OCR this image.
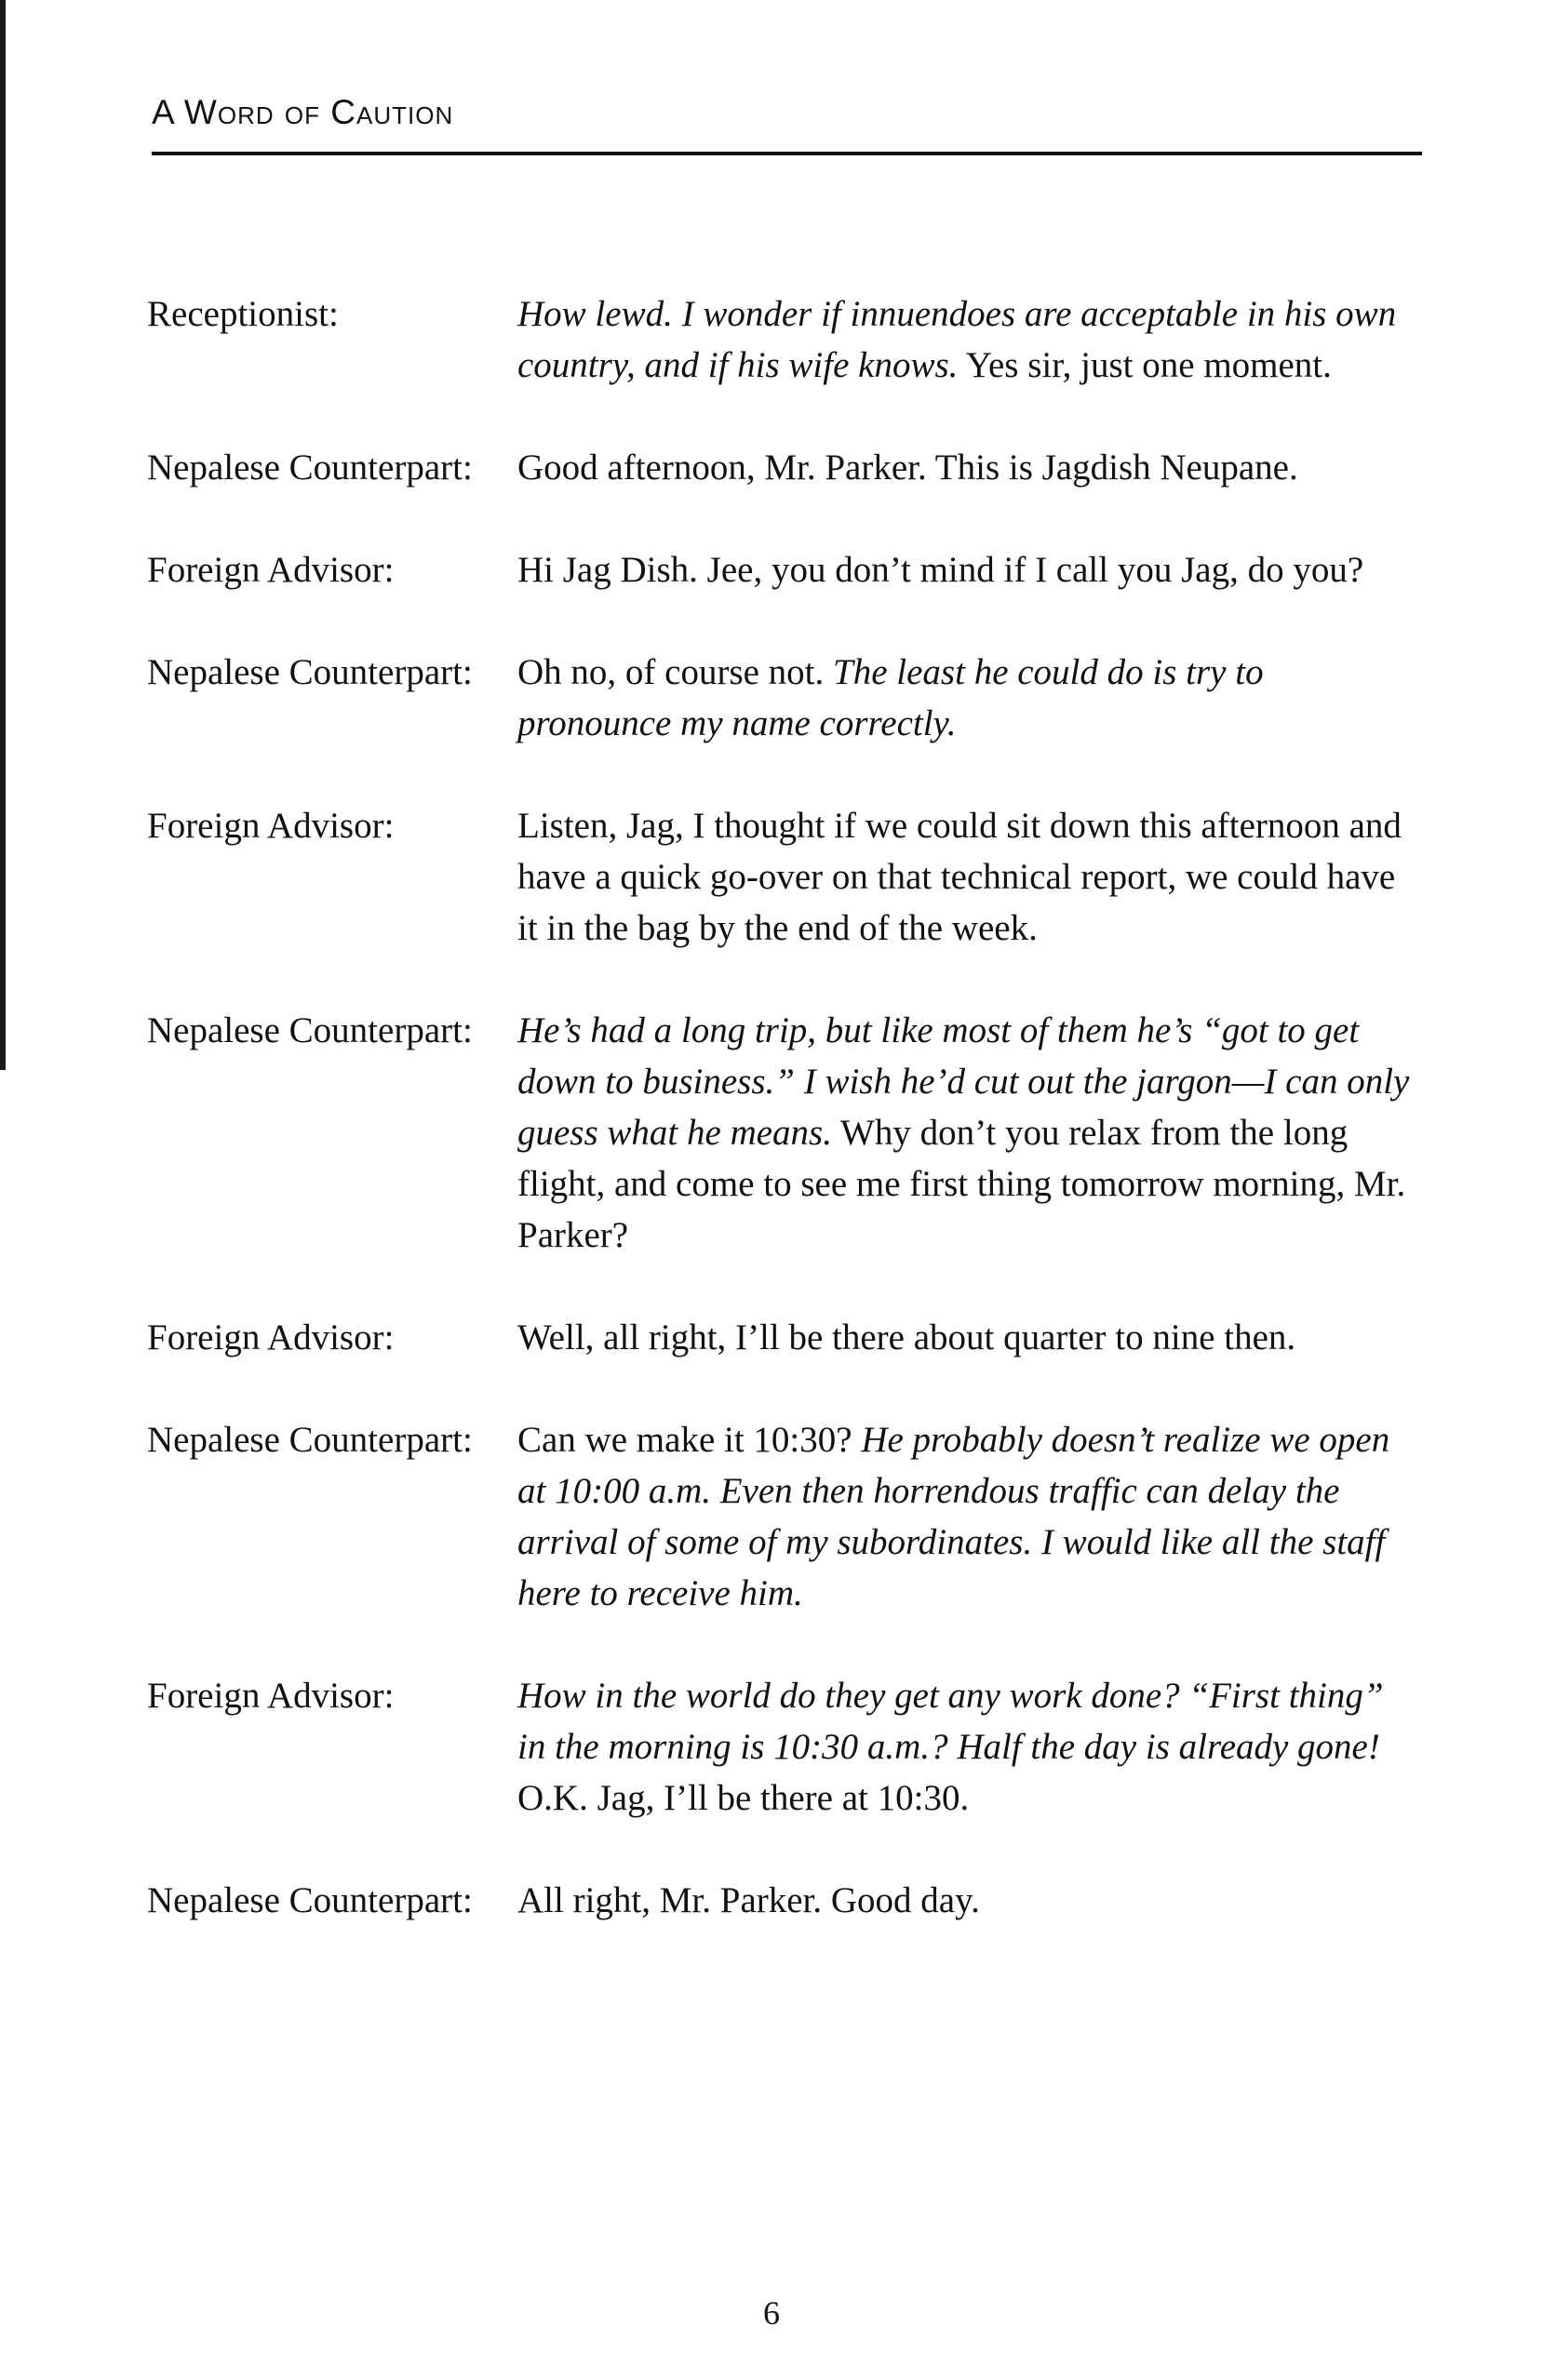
A Word of Caution
Receptionist:	How lewd. I wonder if innuendoes are acceptable in his own country, and if his wife knows. Yes sir, just one moment.
Nepalese Counterpart:	Good afternoon, Mr. Parker. This is Jagdish Neupane.
Foreign Advisor:	Hi Jag Dish. Jee, you don’t mind if I call you Jag, do you?
Nepalese Counterpart:	Oh no, of course not. The least he could do is try to pronounce my name correctly.
Foreign Advisor:	Listen, Jag, I thought if we could sit down this afternoon and have a quick go-over on that technical report, we could have it in the bag by the end of the week.
Nepalese Counterpart:	He’s had a long trip, but like most of them he’s “got to get down to business.” I wish he’d cut out the jargon—I can only guess what he means. Why don’t you relax from the long flight, and come to see me first thing tomorrow morning, Mr. Parker?
Foreign Advisor:	Well, all right, I’ll be there about quarter to nine then.
Nepalese Counterpart:	Can we make it 10:30? He probably doesn’t realize we open at 10:00 a.m. Even then horrendous traffic can delay the arrival of some of my subordinates. I would like all the staff here to receive him.
Foreign Advisor:	How in the world do they get any work done? “First thing” in the morning is 10:30 a.m.? Half the day is already gone! O.K. Jag, I’ll be there at 10:30.
Nepalese Counterpart:	All right, Mr. Parker. Good day.
6
